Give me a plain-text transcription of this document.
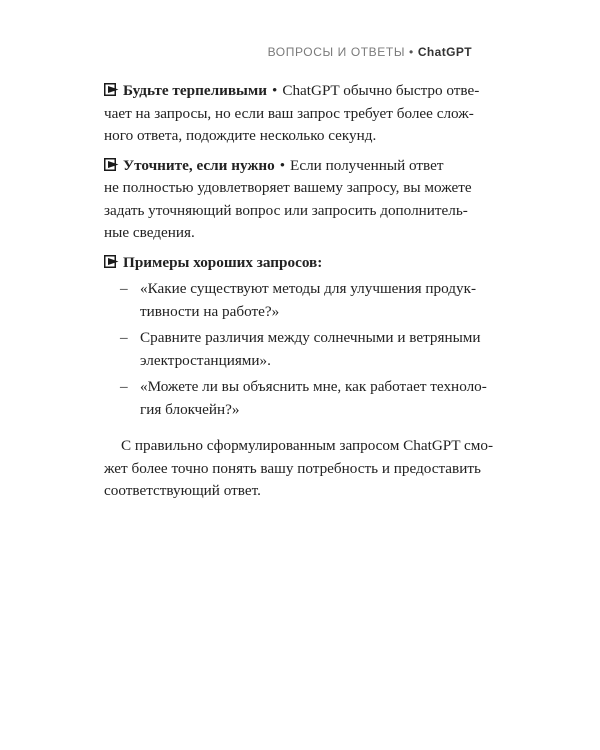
ВОПРОСЫ И ОТВЕТЫ • ChatGPT
Будьте терпеливыми • ChatGPT обычно быстро отве-
чает на запросы, но если ваш запрос требует более слож-
ного ответа, подождите несколько секунд.
Уточните, если нужно • Если полученный ответ
не полностью удовлетворяет вашему запросу, вы можете
задать уточняющий вопрос или запросить дополнитель-
ные сведения.
Примеры хороших запросов:
– «Какие существуют методы для улучшения продук-
тивности на работе?»
– Сравните различия между солнечными и ветряными
электростанциями».
– «Можете ли вы объяснить мне, как работает техноло-
гия блокчейн?»
С правильно сформулированным запросом ChatGPT смо-
жет более точно понять вашу потребность и предоставить
соответствующий ответ.
